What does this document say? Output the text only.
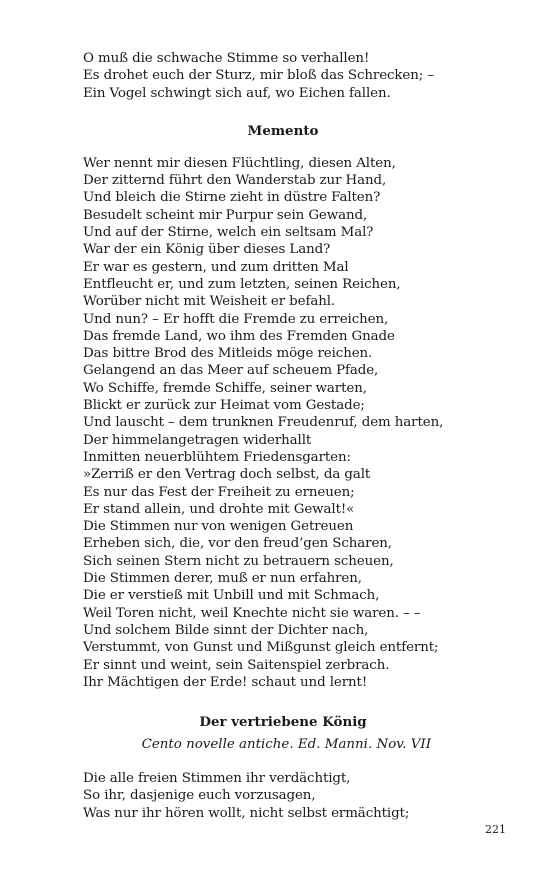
O muß die schwache Stimme so verhallen!
Es drohet euch der Sturz, mir bloß das Schrecken; –
Ein Vogel schwingt sich auf, wo Eichen fallen.
Memento
Wer nennt mir diesen Flüchtling, diesen Alten,
Der zitternd führt den Wanderstab zur Hand,
Und bleich die Stirne zieht in düstre Falten?
Besudelt scheint mir Purpur sein Gewand,
Und auf der Stirne, welch ein seltsam Mal?
War der ein König über dieses Land?
Er war es gestern, und zum dritten Mal
Entfleucht er, und zum letzten, seinen Reichen,
Worüber nicht mit Weisheit er befahl.
Und nun? – Er hofft die Fremde zu erreichen,
Das fremde Land, wo ihm des Fremden Gnade
Das bittre Brod des Mitleids möge reichen.
Gelangend an das Meer auf scheuem Pfade,
Wo Schiffe, fremde Schiffe, seiner warten,
Blickt er zurück zur Heimat vom Gestade;
Und lauscht – dem trunknen Freudenruf, dem harten,
Der himmelangetragen widerhallt
Inmitten neuerblühtem Friedensgarten:
»Zerriß er den Vertrag doch selbst, da galt
Es nur das Fest der Freiheit zu erneuen;
Er stand allein, und drohte mit Gewalt!«
Die Stimmen nur von wenigen Getreuen
Erheben sich, die, vor den freud’gen Scharen,
Sich seinen Stern nicht zu betrauern scheuen,
Die Stimmen derer, muß er nun erfahren,
Die er verstieß mit Unbill und mit Schmach,
Weil Toren nicht, weil Knechte nicht sie waren. – –
Und solchem Bilde sinnt der Dichter nach,
Verstummt, von Gunst und Mißgunst gleich entfernt;
Er sinnt und weint, sein Saitenspiel zerbrach.
Ihr Mächtigen der Erde! schaut und lernt!
Der vertriebene König
Cento novelle antiche. Ed. Manni. Nov. VII
Die alle freien Stimmen ihr verdächtigt,
So ihr, dasjenige euch vorzusagen,
Was nur ihr hören wollt, nicht selbst ermächtigt;
221
